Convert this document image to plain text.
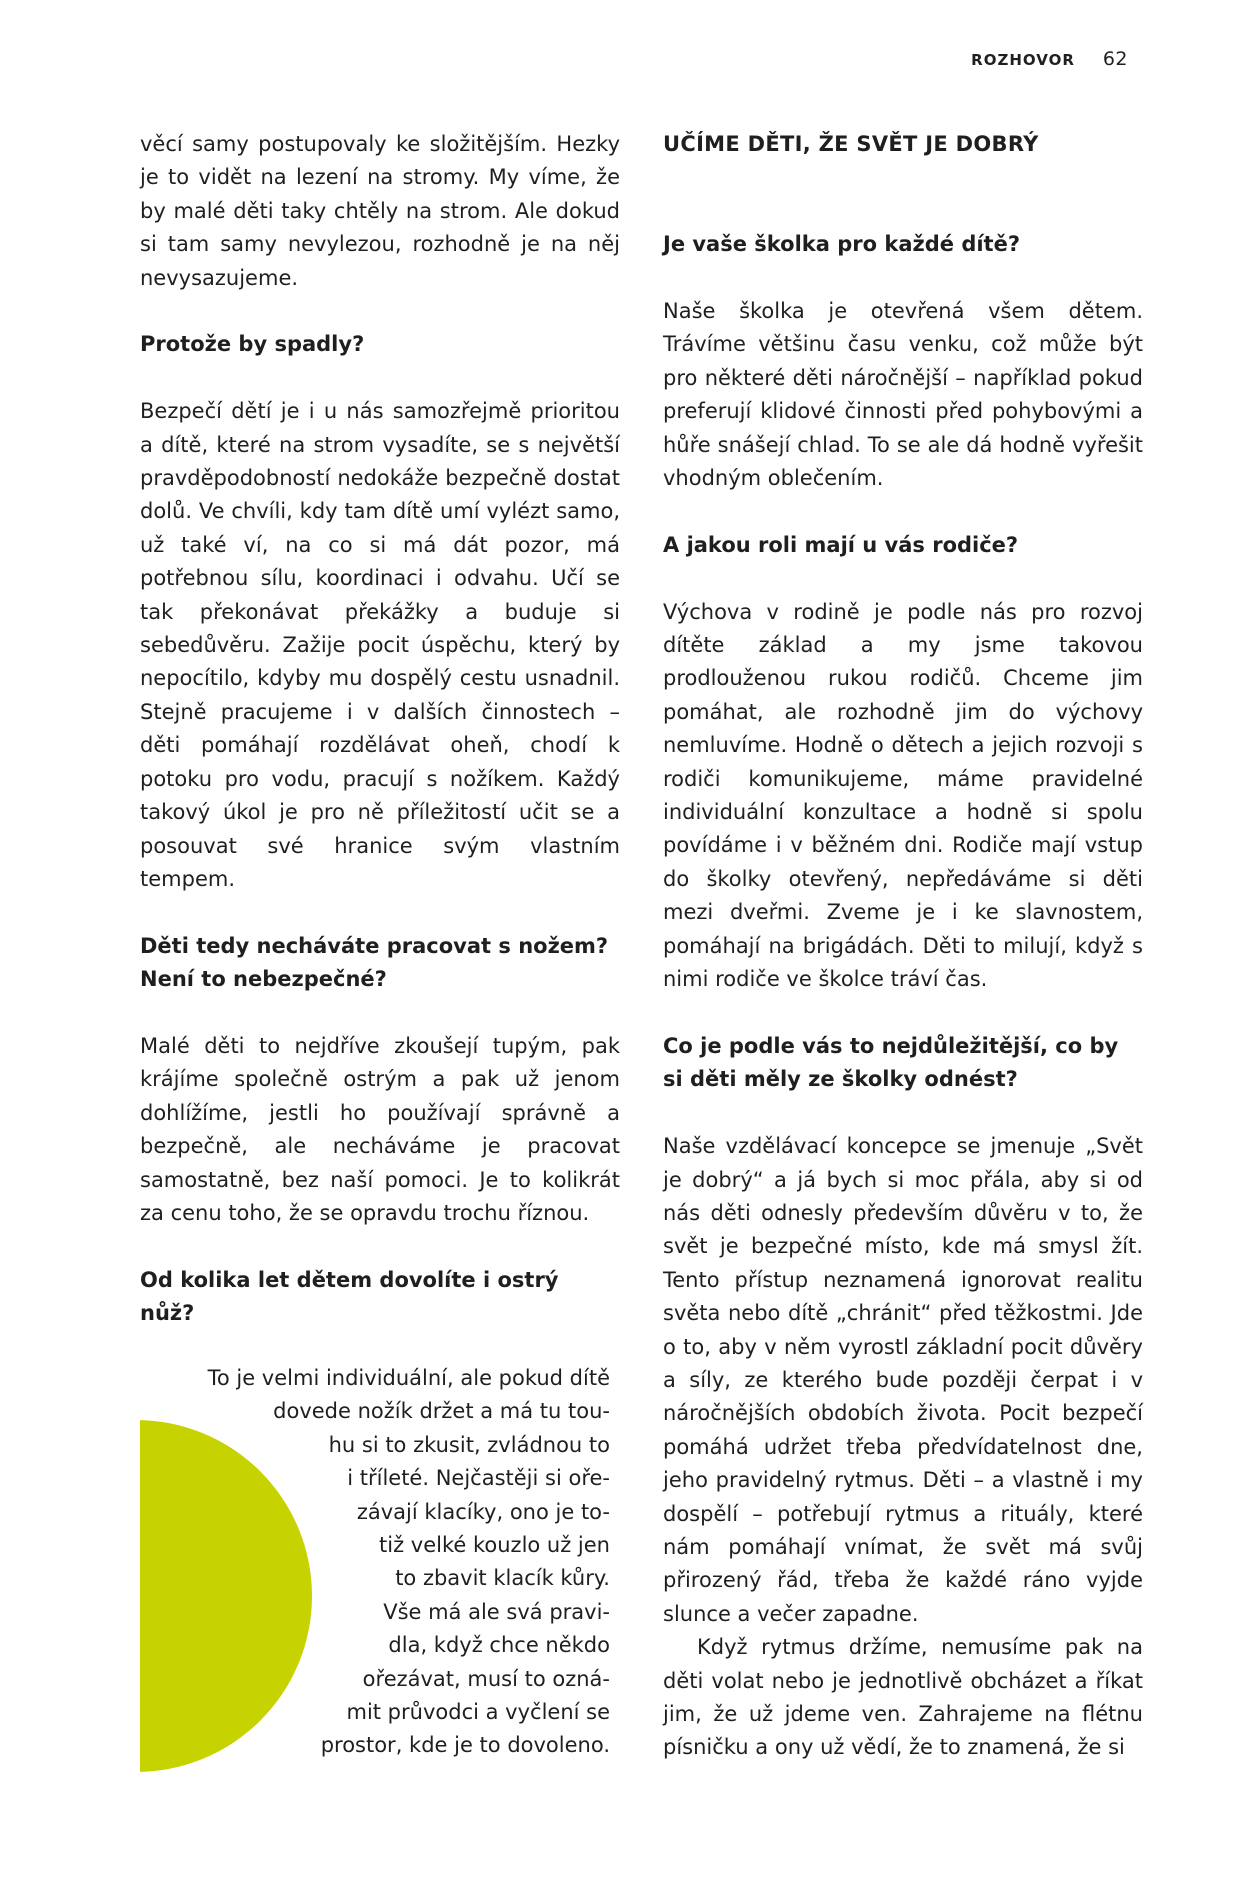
ROZHOVOR 62

věcí samy postupovaly ke složitějším. Hezky je to vidět na lezení na stromy. My víme, že by malé děti taky chtěly na strom. Ale dokud si tam samy nevylezou, rozhodně je na něj nevysazujeme.

Protože by spadly?

Bezpečí dětí je i u nás samozřejmě prioritou a dítě, které na strom vysadíte, se s největší pravděpodobností nedokáže bezpečně dostat dolů. Ve chvíli, kdy tam dítě umí vylézt samo, už také ví, na co si má dát pozor, má potřebnou sílu, koordinaci i odvahu. Učí se tak překonávat překážky a buduje si sebedůvěru. Zažije pocit úspěchu, který by nepocítilo, kdyby mu dospělý cestu usnadnil. Stejně pracujeme i v dalších činnostech – děti pomáhají rozdělávat oheň, chodí k potoku pro vodu, pracují s nožíkem. Každý takový úkol je pro ně příležitostí učit se a posouvat své hranice svým vlastním tempem.

Děti tedy necháváte pracovat s nožem? Není to nebezpečné?

Malé děti to nejdříve zkoušejí tupým, pak krájíme společně ostrým a pak už jenom dohlížíme, jestli ho používají správně a bezpečně, ale necháváme je pracovat samostatně, bez naší pomoci. Je to kolikrát za cenu toho, že se opravdu trochu říznou.

Od kolika let dětem dovolíte i ostrý nůž?

To je velmi individuální, ale pokud dítě
dovede nožík držet a má tu tou-
hu si to zkusit, zvládnou to
i tříleté. Nejčastěji si oře-
závají klacíky, ono je to-
tiž velké kouzlo už jen
to zbavit klacík kůry.
Vše má ale svá pravi-
dla, když chce někdo
ořezávat, musí to ozná-
mit průvodci a vyčlení se
prostor, kde je to dovoleno.

UČÍME DĚTI, ŽE SVĚT JE DOBRÝ

Je vaše školka pro každé dítě?

Naše školka je otevřená všem dětem. Trávíme většinu času venku, což může být pro některé děti náročnější – například pokud preferují klidové činnosti před pohybovými a hůře snášejí chlad. To se ale dá hodně vyřešit vhodným oblečením.

A jakou roli mají u vás rodiče?

Výchova v rodině je podle nás pro rozvoj dítěte základ a my jsme takovou prodlouženou rukou rodičů. Chceme jim pomáhat, ale rozhodně jim do výchovy nemluvíme. Hodně o dětech a jejich rozvoji s rodiči komunikujeme, máme pravidelné individuální konzultace a hodně si spolu povídáme i v běžném dni. Rodiče mají vstup do školky otevřený, nepředáváme si děti mezi dveřmi. Zveme je i ke slavnostem, pomáhají na brigádách. Děti to milují, když s nimi rodiče ve školce tráví čas.

Co je podle vás to nejdůležitější, co by si děti měly ze školky odnést?

Naše vzdělávací koncepce se jmenuje „Svět je dobrý“ a já bych si moc přála, aby si od nás děti odnesly především důvěru v to, že svět je bezpečné místo, kde má smysl žít. Tento přístup neznamená ignorovat realitu světa nebo dítě „chránit“ před těžkostmi. Jde o to, aby v něm vyrostl základní pocit důvěry a síly, ze kterého bude později čerpat i v náročnějších obdobích života. Pocit bezpečí pomáhá udržet třeba předvídatelnost dne, jeho pravidelný rytmus. Děti – a vlastně i my dospělí – potřebují rytmus a rituály, které nám pomáhají vnímat, že svět má svůj přirozený řád, třeba že každé ráno vyjde slunce a večer zapadne.

Když rytmus držíme, nemusíme pak na děti volat nebo je jednotlivě obcházet a říkat jim, že už jdeme ven. Zahrajeme na flétnu písničku a ony už vědí, že to znamená, že si
